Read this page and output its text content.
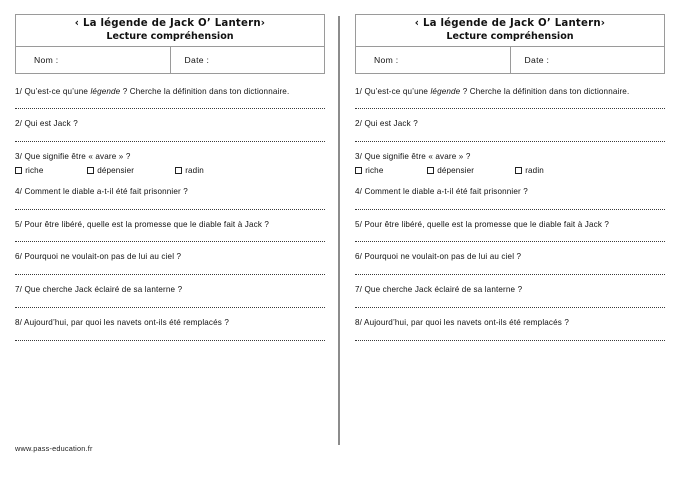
‹ La légende de Jack O’ Lantern›
Lecture compréhension

Nom :	Date :

1/ Qu’est-ce qu’une légende ? Cherche la définition dans ton dictionnaire.

2/ Qui est Jack ?

3/ Que signifie être « avare » ?

riche	dépensier	radin

4/ Comment le diable a-t-il été fait prisonnier ?

5/ Pour être libéré, quelle est la promesse que le diable fait à Jack ?

6/ Pourquoi ne voulait-on pas de lui au ciel ?

7/ Que cherche Jack éclairé de sa lanterne ?

8/ Aujourd’hui, par quoi les navets ont-ils été remplacés ?

www.pass-education.fr
‹ La légende de Jack O’ Lantern›
Lecture compréhension

Nom :	Date :

1/ Qu’est-ce qu’une légende ? Cherche la définition dans ton dictionnaire.

2/ Qui est Jack ?

3/ Que signifie être « avare » ?

riche	dépensier	radin

4/ Comment le diable a-t-il été fait prisonnier ?

5/ Pour être libéré, quelle est la promesse que le diable fait à Jack ?

6/ Pourquoi ne voulait-on pas de lui au ciel ?

7/ Que cherche Jack éclairé de sa lanterne ?

8/ Aujourd’hui, par quoi les navets ont-ils été remplacés ?
